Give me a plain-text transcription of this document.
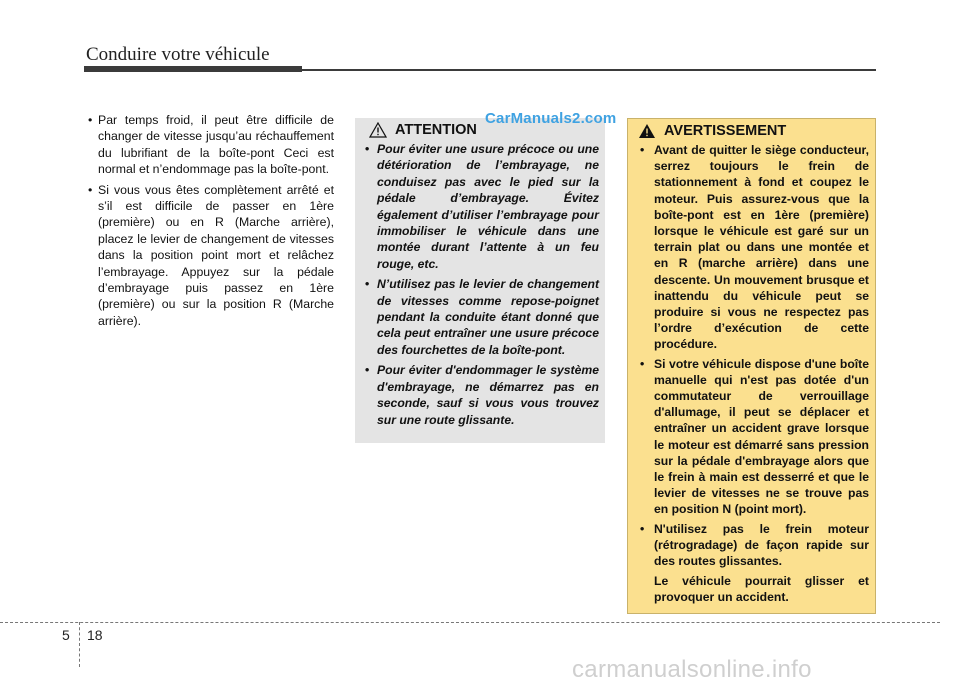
Conduire votre véhicule
• Par temps froid, il peut être difficile de changer de vitesse jusqu’au réchauffement du lubrifiant de la boîte-pont Ceci est normal et n’endommage pas la boîte-pont.
• Si vous vous êtes complètement arrêté et s’il est difficile de passer en 1ère (première) ou en R (Marche arrière), placez le levier de changement de vitesses dans la position point mort et relâchez l’embrayage. Appuyez sur la pédale d’embrayage puis passez en 1ère (première) ou sur la position R (Marche arrière).
ATTENTION
• Pour éviter une usure précoce ou une détérioration de l’embrayage, ne conduisez pas avec le pied sur la pédale d’embrayage. Évitez également d’utiliser l’embrayage pour immobiliser le véhicule dans une montée durant l’attente à un feu rouge, etc.
• N’utilisez pas le levier de changement de vitesses comme repose-poignet pendant la conduite étant donné que cela peut entraîner une usure précoce des fourchettes de la boîte-pont.
• Pour éviter d'endommager le système d'embrayage, ne démarrez pas en seconde, sauf si vous vous trouvez sur une route glissante.
AVERTISSEMENT
• Avant de quitter le siège conducteur, serrez toujours le frein de stationnement à fond et coupez le moteur. Puis assurez-vous que la boîte-pont est en 1ère (première) lorsque le véhicule est garé sur un terrain plat ou dans une montée et en R (marche arrière) dans une descente. Un mouvement brusque et inattendu du véhicule peut se produire si vous ne respectez pas l’ordre d’exécution de cette procédure.
• Si votre véhicule dispose d'une boîte manuelle qui n'est pas dotée d'un commutateur de verrouillage d'allumage, il peut se déplacer et entraîner un accident grave lorsque le moteur est démarré sans pression sur la pédale d'embrayage alors que le frein à main est desserré et que le levier de vitesses ne se trouve pas en position N (point mort).
• N'utilisez pas le frein moteur (rétrogradage) de façon rapide sur des routes glissantes.

Le véhicule pourrait glisser et provoquer un accident.

CarManuals2.com
5 18
carmanualsonline.info
